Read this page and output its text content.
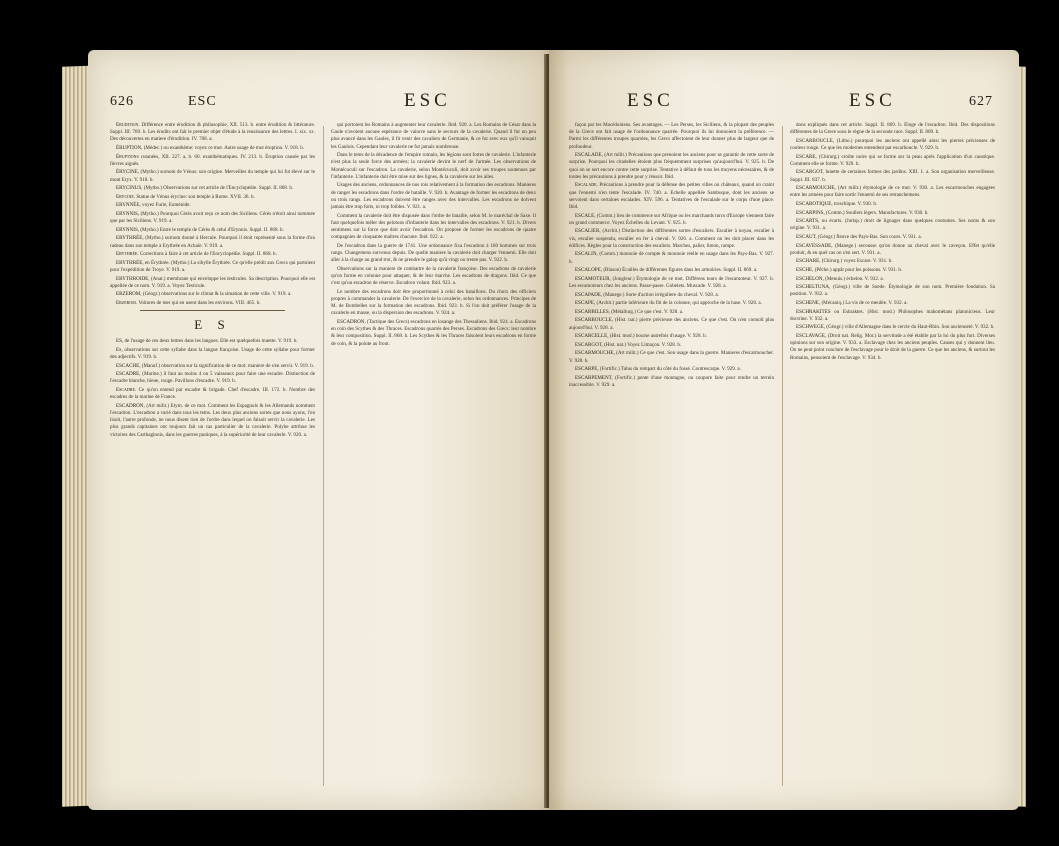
626	ESC	ESC

Érudition. Différence entre érudition & philosophie, XII. 513. b. entre érudition & littérature. Suppl. III. 769. b. Les érudits ont fait le premier objet d'étude à la renaissance des lettres. I. xix. xx. Des découvertes en matiere d'érudition. IV. 708. a.

ÉRUPTION, (Médec.) ou exanthème: voyez ce mot. Autre usage de mot éruption. V. 918. b.

Éruptions cutanées, XII. 227. a, b. 60. exanthématiques. IV. 213. b. Éruption causée par les fievres aiguës.

ÉRYCINE, (Mytho.) surnom de Vénus: son origine. Merveilles du temple qui lui fut élevé sur le mont Eryx. V. 918. b.

ERYCINUS, (Mytho.) Observations sur cet article de l'Encyclopédie. Suppl. II. 868. b.

Erycine. Statue de Vénus érycine: son temple à Rome. XVII. 36. b.

ERYNNÉE, voyez Furie, Euménide.

ERYNNIS, (Mytho.) Pourquoi Cérès avoit reçu ce nom des Siciliens. Cérès n'étoit ainsi nommée que par les Siciliens. V. 919. a.

ERYNNIS, (Mytho.) Entre le temple de Cérès & celui d'Erynnis. Suppl. II. 868. b.

ERYTHRÉE, (Mytho.) surnom donné à Hercule. Pourquoi il étoit représenté sous la forme d'un radeau dans son temple à Erythrée en Achaïe. V. 919. a.

Erythrée. Corrections à faire à cet article de l'Encyclopédie. Suppl. II. 868. b.

ERYTHRÉE, en Érythrée. (Mytho.) La sibylle Érythrée. Ce qu'elle prédit aux Grecs qui partoient pour l'expédition de Troye. V. 919. a.

ERYTHROIDE, (Anat.) membrane qui enveloppe les testicules. Sa description. Pourquoi elle est appellée de ce nom. V. 919. a. Voyez Testicule.

ERZEROM, (Géogr.) observations sur le climat & la situation de cette ville. V. 919. a.

Erzerom. Voitures de mer qui en usent dans les environs. VIII. 465. b.

E S

ES, de l'usage de ces deux lettres dans les langues. Elle est quelquefois muette. V. 919. b.

Es, observations sur cette syllabe dans la langue françoise. Usage de cette syllabe pour former des adjectifs. V. 919. b.

ESCACHE, (Manuf.) observation sur la signification de ce mot: maniere de s'en servir. V. 919. b.

ESCADRE, (Marine.) il faut au moins 4 ou 5 vaisseaux pour faire une escadre. Distinction de l'escadre blanche, bleue, rouge. Pavillons d'escadre. V. 919. b.

Escadre. Ce qu'on entend par escadre & brigade. Chef d'escadre. III. 172. b. Nombre des escadres de la marine de France.

ESCADRON, (Art milit.) Etym. de ce mot. Comment les Espagnols & les Allemands nomment l'escadron. L'escadron a varié dans tous les tems. Les deux plus anciens sortes que nous ayons, l'on lisoit, l'autre profonde, ne nous disent rien de l'ordre dans lequel on faisoit servir la cavalerie. Les plus grands capitaines ont toujours fait un cas particulier de la cavalerie. Polybe attribue les victoires des Carthaginois, dans les guerres puniques, à la supériorité de leur cavalerie. V. 920. a.

qui portoient les Romains à augmenter leur cavalerie. Ibid. 920. a. Les Romains de César dans la Gaule n'avoient aucune espérance de vaincre sans le secours de la cavalerie. Quand il fut un peu plus avancé dans les Gaules, il fit venir des cavaliers de Germanie, & ce fut avec eux qu'il vainquit les Gaulois. Cependant leur cavalerie ne fut jamais nombreuse.

Dans le tems de la décadence de l'empire romain, les légions sont fortes de cavalerie. L'infanterie n'est plus la seule force des armées; la cavalerie devint le nerf de l'armée. Les observations de Montécuculi sur l'escadron. La cavalerie, selon Montécuculi, doit avoir ses troupes soutenues par l'infanterie. L'infanterie doit être mise sur des lignes, & la cavalerie sur les ailes.

Usages des anciens, ordonnances de nos rois relativement à la formation des escadrons. Manieres de ranger les escadrons dans l'ordre de bataille. V. 920. b. Avantage de former les escadrons de deux ou trois rangs. Les escadrons doivent être ranges avec des intervalles. Les escadrons ne doivent jamais être trop forts, ni trop foibles. V. 921. a.

Comment la cavalerie doit être disposée dans l'ordre de bataille, selon M. le maréchal de Saxe. Il faut quelquefois mêler des pelotons d'infanterie dans les intervalles des escadrons. V. 921. b. Divers sentimens sur la force que doit avoir l'escadron. On propose de former les escadrons de quatre compagnies de cinquante maîtres chacune. Ibid. 922. a.

De l'escadron dans la guerre de 1741. Une ordonnance fixa l'escadron à 160 hommes sur trois rangs. Changemens survenus depuis. De quelle maniere la cavalerie doit charger l'ennemi. Elle doit aller à la charge au grand trot, & ne prendre le galop qu'à vingt ou trente pas. V. 922. b.

Observations sur la maniere de combattre de la cavalerie françoise. Des escadrons de cavalerie qu'on forme en colonne pour attaquer, & de leur marche. Les escadrons de dragons. Ibid. Ce que c'est qu'un escadron de réserve. Escadron volant. Ibid. 923. a.

Le nombre des escadrons doit être proportionné à celui des bataillons. Du choix des officiers propres à commander la cavalerie. De l'exercice de la cavalerie, selon les ordonnances. Principes de M. de Bombelles sur la formation des escadrons. Ibid. 923. b. Si l'on doit préférer l'usage de la cavalerie en masse, ou la dispersion des escadrons. V. 924. a.

ESCADRON, (Tactique des Grecs) escadrons en losange des Thessaliens. Ibid. 924. a. Escadrons en coin des Scythes & des Thraces. Escadrons quarrés des Perses. Escadrons des Grecs: leur nombre & leur composition. Suppl. II. 868. b. Les Scythes & les Thraces faisoient leurs escadrons en forme de coin, & la pointe au front.

ESC	ESC	627

façon par les Macédoniens. Ses avantages. — Les Perses, les Siciliens, & la plupart des peuples de la Grece ont fait usage de l'ordonnance quarrée. Pourquoi ils lui donnoient la préférence. — Parmi les différentes troupes quarrées, les Grecs affectoient de leur donner plus de largeur que de profondeur.

ESCALADE, (Art milit.) Précautions que prenoient les anciens pour se garantir de cette sorte de surprise. Pourquoi les citadelles étoient plus fréquemment surprises qu'aujourd'hui. V. 925. b. De quoi on se sert encore contre cette surprise. Tentative à défaut de tous les moyens nécessaires, & de toutes les précautions à prendre pour y réussir. Ibid.

Escalade. Précautions à prendre pour la défense des petites villes ou châteaux, quand on craint que l'ennemi n'en tente l'escalade. IV. 740. a. Echelle appellée Sambuque, dont les anciens se servoient dans certaines escalades. XIV. 596. a. Tentatives de l'escalade sur le corps d'une place. Ibid.

ESCALE, (Comm.) lieu de commerce sur Afrique ou les marchands turcs d'Europe viennent faire un grand commerce. Voyez Échelles du Levant. V. 925. b.

ESCALIER, (Archit.) Distinction des différentes sortes d'escaliers. Escalier à noyau, escalier à vis, escalier suspendu, escalier en fer à cheval. V. 926. a. Comment on les doit placer dans les édifices. Règles pour la construction des escaliers. Marches, palier, limon, rampe.

ESCALIN, (Comm.) monnoie de compte & monnoie réelle en usage dans les Pays-Bas. V. 927. b.

ESCALOPE, (Blason) Écailles de différentes figures dans les armoiries. Suppl. II. 869. a.

ESCAMOTEUR, (Jongleur.) Étymologie de ce mot. Différens tours de l'escamoteur. V. 927. b. Les escamoteurs chez les anciens. Passe-passe. Gobelets. Muscade. V. 928. a.

ESCAPADE, (Manege.) Sorte d'action irréguliere du cheval. V. 928. a.

ESCAPE, (Archit.) partie inférieure du fût de la colonne, qui approche de la base. V. 928. a.

ESCARBILLES, (Métallurg.) Ce que c'est. V. 928. a.

ESCARBOUCLE, (Hist. nat.) pierre précieuse des anciens. Ce que c'est. On n'en connoît plus aujourd'hui. V. 928. a.

ESCARCELLE, (Hist. mod.) bourse autrefois d'usage. V. 928. b.

ESCARGOT, (Hist. nat.) Voyez Limaçon. V. 928. b.

ESCARMOUCHE, (Art milit.) Ce que c'est. Son usage dans la guerre. Manieres d'escarmoucher. V. 928. b.

ESCARPE, (Fortific.) Talus du rempart du côté du fossé. Contrescarpe. V. 929. a.

ESCARPEMENT, (Fortific.) pente d'une montagne, ou coupure faite pour rendre un terrein inaccessible. V. 929. a.

dons expliqués dans cet article. Suppl. II. 869. b. Éloge de l'escadron. Ibid. Des dispositions différentes de la Grece sous le règne de la seconde race. Suppl. II. 869. b.

ESCARBOUCLE, (Litho.) pourquoi les anciens ont appellé ainsi les pierres précieuses de couleur rouge. Ce que les modernes entendent par escarboucle. V. 929. b.

ESCARE, (Chirurg.) croûte noire qui se forme sur la peau après l'application d'un caustique. Comment elle se forme. V. 929. b.

ESCARGOT, lunette de certaines formes des jardins. XIII. 1. a. Son organisation merveilleuse. Suppl. III. 837. b.

ESCARMOUCHE, (Art milit.) étymologie de ce mot. V. 930. a. Les escarmouches engagées entre les armées pour faire sortir l'ennemi de ses retranchemens.

ESCAROTIQUE, troschique. V. 930. b.

ESCARPINS, (Comm.) Souliers légers. Manufactures. V. 930. b.

ESCARTS, ou écarts. (Jurisp.) droit de lignager dans quelques coutumes. Ses noms & son origine. V. 931. a.

ESCAUT, (Géogr.) fleuve des Pays-Bas. Son cours. V. 931. a.

ESCAVESSADE, (Manege.) secousse qu'on donne au cheval avec le caveçon. Effet qu'elle produit, & en quel cas on s'en sert. V. 931. a.

ESCHARE, (Chirurg.) voyez Escare. V. 931. b.

ESCHE, (Pêche.) appât pour les poissons. V. 931. b.

ESCHELON, (Menuis.) échelon. V. 932. a.

ESCHELTUNA, (Géogr.) ville de Suede. Étymologie de son nom. Première fondation. Sa position. V. 932. a.

ESCHENE, (Mécaniq.) La vis de ce meuble. V. 932. a.

ESCHRAKITES ou Eshraktes. (Hist. mod.) Philosophes mahométans platoniciens. Leur doctrine. V. 932. a.

ESCHWEGE, (Géogr.) ville d'Allemagne dans le cercle du Haut-Rhin. Son ancienneté. V. 932. b.

ESCLAVAGE, (Droit nat. Relig. Mor.) la servitude a été établie par la loi du plus fort. Diverses opinions sur son origine. V. 933. a. Esclavage chez les anciens peuples. Causes qui y donnent lieu. On ne peut point conclure de l'esclavage pour le droit de la guerre. Ce que les anciens, & surtout les Romains, pensoient de l'esclavage. V. 934. b.
